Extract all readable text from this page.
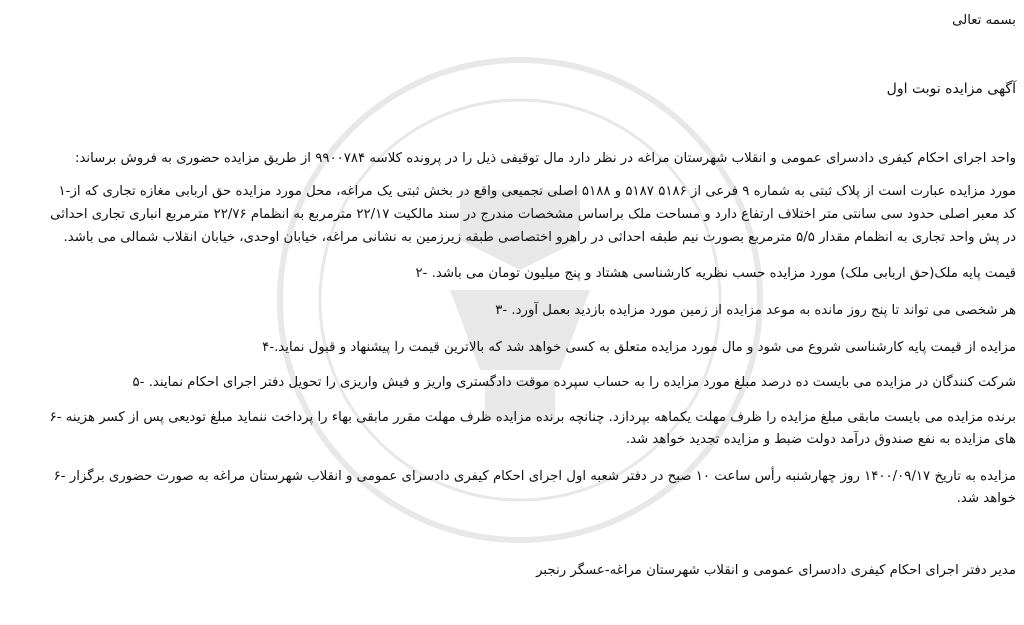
بسمه تعالی
آگهی مزایده نوبت اول
واحد اجرای احکام کیفری دادسرای عمومی و انقلاب شهرستان مراغه در نظر دارد مال توقیفی ذیل را در پرونده کلاسه ۹۹۰۰۷۸۴ از طریق مزایده حضوری به فروش برساند:
مورد مزایده عبارت است از پلاک ثبتی به شماره ۹ فرعی از ۵۱۸۶ ۵۱۸۷ و ۵۱۸۸ اصلی تجمیعی واقع در بخش ثبتی یک مراغه، محل مورد مزایده حق اربابی مغازه تجاری که از-۱
کد معبر اصلی حدود سی سانتی متر اختلاف ارتفاع دارد و مساحت ملک براساس مشخصات مندرج در سند مالکیت ۲۲/۱۷ مترمربع به انظمام ۲۲/۷۶ مترمربع انباری تجاری احداثی
در پش واحد تجاری به انظمام مقدار ۵/۵ مترمربع بصورت نیم طبقه احداثی در راهرو اختصاصی طبقه زیرزمین به نشانی مراغه، خیابان اوحدی، خیابان انقلاب شمالی می باشد.
قیمت پایه ملک(حق اربابی ملک) مورد مزایده حسب نظریه کارشناسی هشتاد و پنج میلیون تومان می باشد. -۲
هر شخصی می تواند تا پنج روز مانده به موعد مزایده از زمین مورد مزایده بازدید بعمل آورد. -۳
مزایده از قیمت پایه کارشناسی شروع می شود و مال مورد مزایده متعلق به کسی خواهد شد که بالاترین قیمت را پیشنهاد و قبول نماید.-۴
شرکت کنندگان در مزایده می بایست ده درصد مبلغ مورد مزایده را به حساب سپرده موقت دادگستری واریز و فیش واریزی را تحویل دفتر اجرای احکام نمایند. -۵
برنده مزایده می بایست مابقی مبلغ مزایده را ظرف مهلت یکماهه بپردازد. چنانچه برنده مزایده ظرف مهلت مقرر مابقی بهاء را پرداخت ننماید مبلغ تودیعی پس از کسر هزینه -۶
های مزایده به نفع صندوق درآمد دولت ضبط و مزایده تجدید خواهد شد.
مزایده به تاریخ ۱۴۰۰/۰۹/۱۷ روز چهارشنبه رأس ساعت ۱۰ صبح در دفتر شعبه اول اجرای احکام کیفری دادسرای عمومی و انقلاب شهرستان مراغه به صورت حضوری برگزار -۶
خواهد شد.
مدیر دفتر اجرای احکام کیفری دادسرای عمومی و انقلاب شهرستان مراغه-عسگر رنجبر
